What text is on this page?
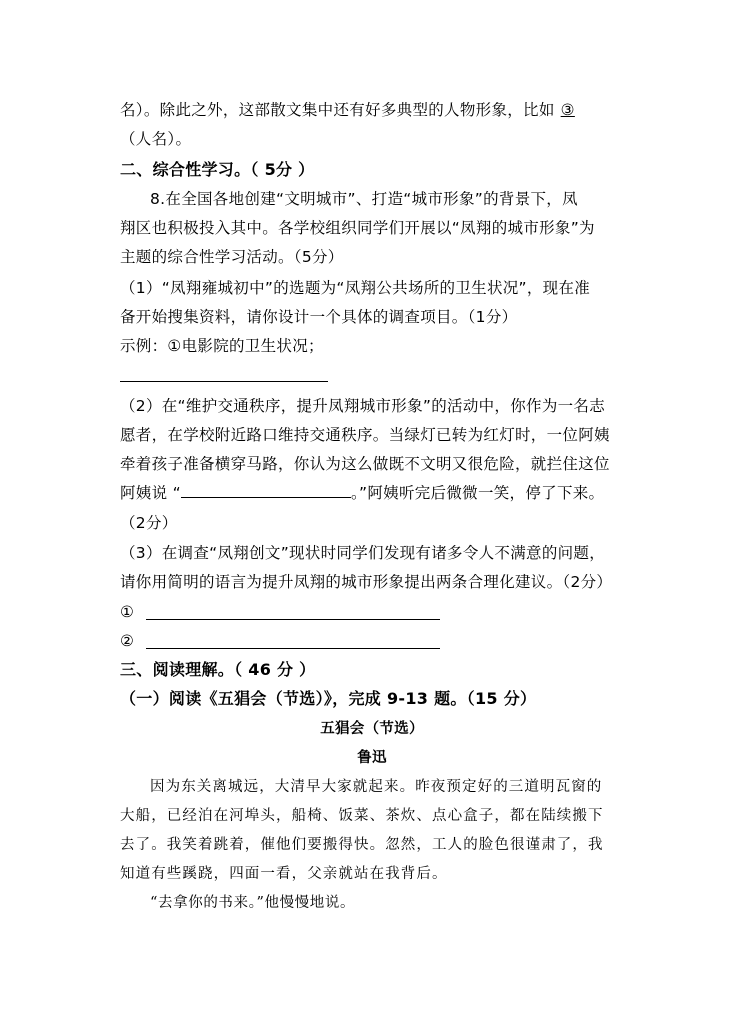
名）。除此之外，这部散文集中还有好多典型的人物形象，比如 ③
（人名）。
二、综合性学习。（ 5分 ）
8.在全国各地创建“文明城市”、打造“城市形象”的背景下，凤
翔区也积极投入其中。各学校组织同学们开展以“凤翔的城市形象”为
主题的综合性学习活动。（5分）
（1）“凤翔雍城初中”的选题为“凤翔公共场所的卫生状况”，现在准
备开始搜集资料，请你设计一个具体的调查项目。（1分）
示例：①电影院的卫生状况；
（2）在“维护交通秩序，提升凤翔城市形象”的活动中，你作为一名志
愿者，在学校附近路口维持交通秩序。当绿灯已转为红灯时，一位阿姨
牵着孩子准备横穿马路，你认为这么做既不文明又很危险，就拦住这位
阿姨说 “	。”阿姨听完后微微一笑，停了下来。
（2分）
（3）在调查“凤翔创文”现状时同学们发现有诸多令人不满意的问题，
请你用简明的语言为提升凤翔的城市形象提出两条合理化建议。（2分）
①
②
三、阅读理解。（ 46 分 ）
（一）阅读《五猖会（节选）》，完成 9-13 题。（15 分）
五猖会（节选）
鲁迅
因为东关离城远，大清早大家就起来。昨夜预定好的三道明瓦窗的
大船，已经泊在河埠头，船椅、饭菜、茶炊、点心盒子，都在陆续搬下
去了。我笑着跳着，催他们要搬得快。忽然，工人的脸色很谨肃了，我
知道有些蹊跷，四面一看，父亲就站在我背后。
“去拿你的书来。”他慢慢地说。
